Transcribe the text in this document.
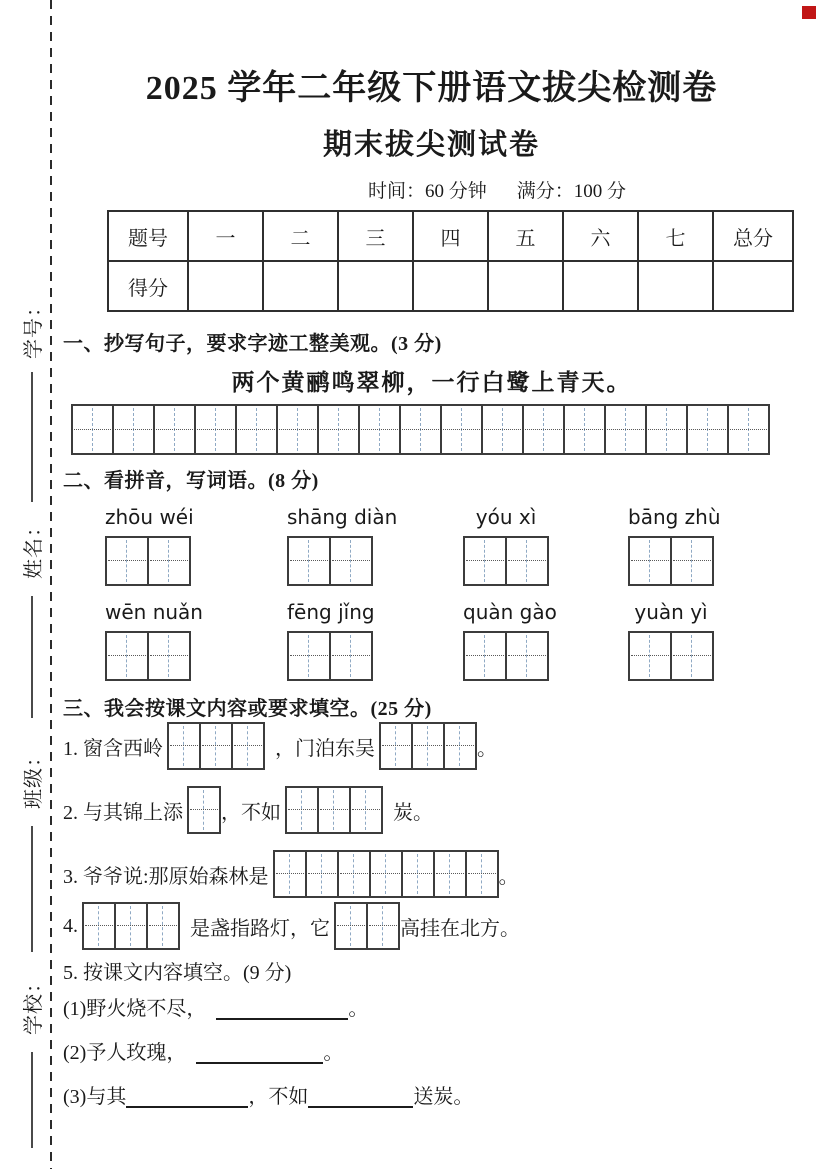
学号：
姓名：
班级：
学校：
2025 学年二年级下册语文拔尖检测卷
期末拔尖测试卷
时间：60 分钟 满分：100 分
题号	一	二	三	四	五	六	七	总分
得分								
一、抄写句子，要求字迹工整美观。(3 分)
两个黄鹂鸣翠柳，一行白鹭上青天。
二、看拼音，写词语。(8 分)
zhōu wéi	shāng diàn	yóu xì	bāng zhù
wēn nuǎn	fēng jǐng	quàn gào	yuàn yì
三、我会按课文内容或要求填空。(25 分)
1. 窗含西岭	，门泊东吴	。
2. 与其锦上添 ，不如	炭。
3. 爷爷说:那原始森林是	。
4.	是盏指路灯，它	高挂在北方。
5. 按课文内容填空。(9 分)
(1)野火烧不尽，	。
(2)予人玫瑰，	。
(3)与其	，不如	送炭。
